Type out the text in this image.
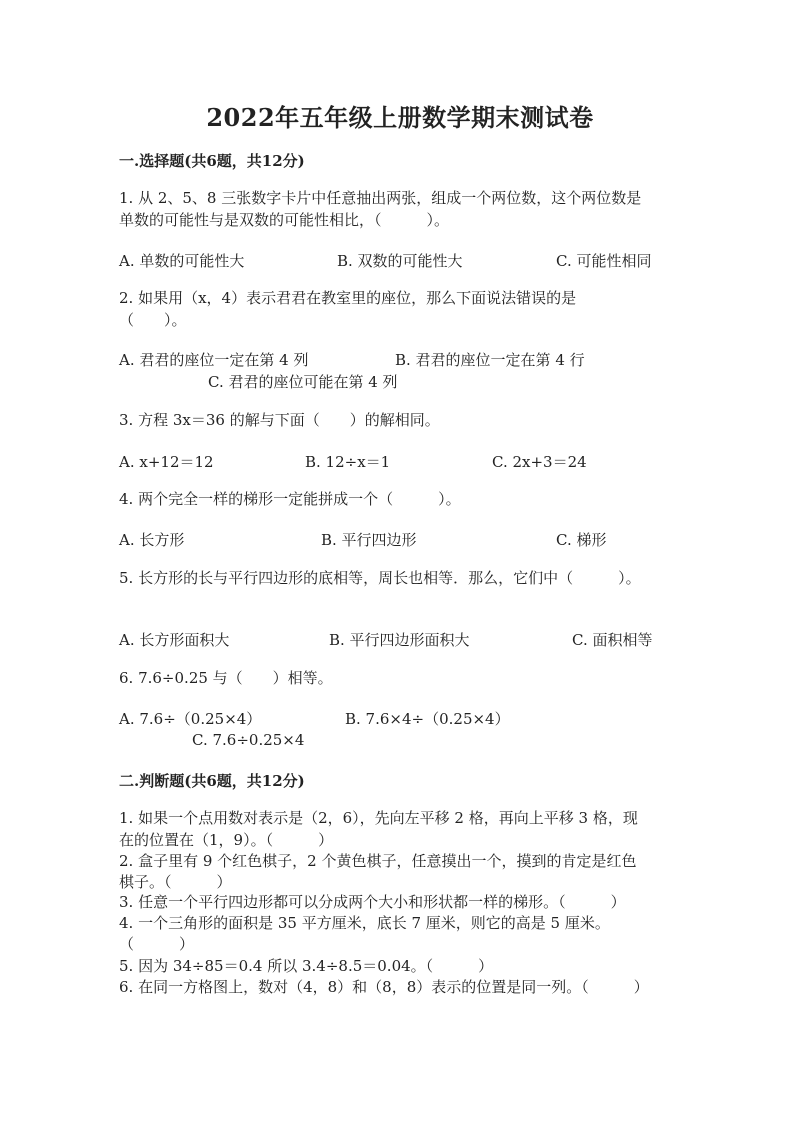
2022年五年级上册数学期末测试卷
一.选择题(共6题，共12分)
1. 从 2、5、8 三张数字卡片中任意抽出两张，组成一个两位数，这个两位数是
单数的可能性与是双数的可能性相比，（　　　）。
A. 单数的可能性大	B. 双数的可能性大	C. 可能性相同
2. 如果用（x，4）表示君君在教室里的座位，那么下面说法错误的是
（　　）。
A. 君君的座位一定在第 4 列	B. 君君的座位一定在第 4 行
C. 君君的座位可能在第 4 列
3. 方程 3x＝36 的解与下面（　　）的解相同。
A. x+12＝12	B. 12÷x＝1	C. 2x+3＝24
4. 两个完全一样的梯形一定能拼成一个（　　　）。
A. 长方形	B. 平行四边形	C. 梯形
5. 长方形的长与平行四边形的底相等，周长也相等．那么，它们中（　　　）。
A. 长方形面积大	B. 平行四边形面积大	C. 面积相等
6. 7.6÷0.25 与（　　）相等。
A. 7.6÷（0.25×4）	B. 7.6×4÷（0.25×4）
C. 7.6÷0.25×4
二.判断题(共6题，共12分)
1. 如果一个点用数对表示是（2，6），先向左平移 2 格，再向上平移 3 格，现
在的位置在（1，9）。（　　　）
2. 盒子里有 9 个红色棋子，2 个黄色棋子，任意摸出一个，摸到的肯定是红色
棋子。（　　　）
3. 任意一个平行四边形都可以分成两个大小和形状都一样的梯形。（　　　）
4. 一个三角形的面积是 35 平方厘米，底长 7 厘米，则它的高是 5 厘米。
（　　　）
5. 因为 34÷85＝0.4 所以 3.4÷8.5＝0.04。（　　　）
6. 在同一方格图上，数对（4，8）和（8，8）表示的位置是同一列。（　　　）
